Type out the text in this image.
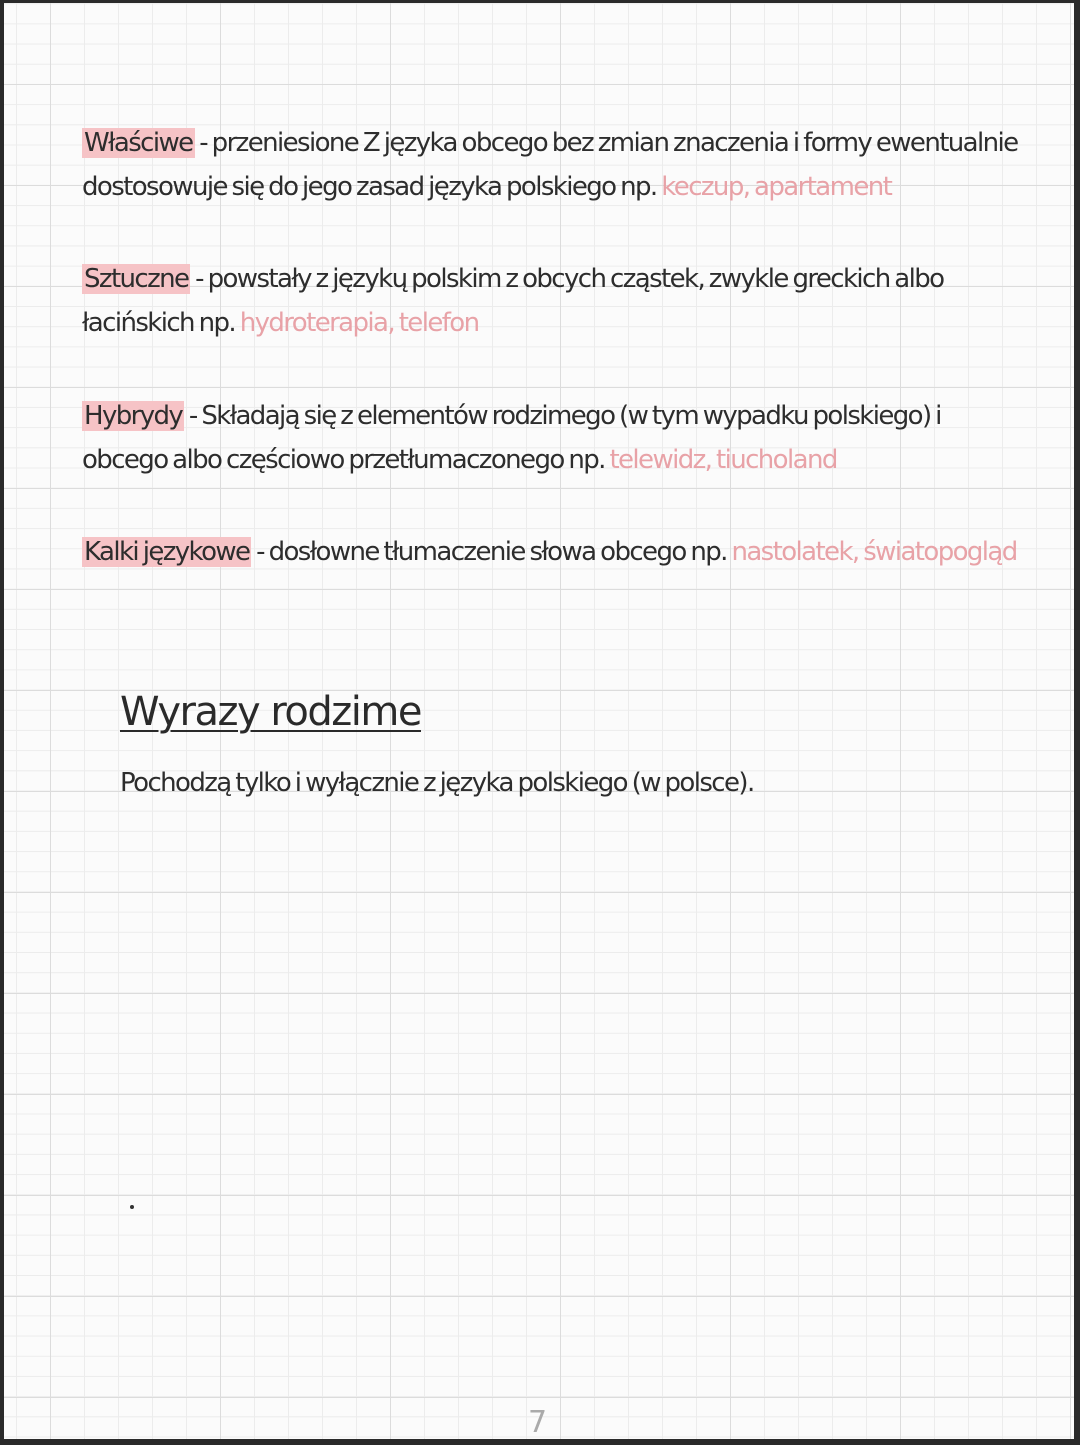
Właściwe - przeniesione Z języka obcego bez zmian znaczenia i formy ewentualnie dostosowuje się do jego zasad języka polskiego np. keczup, apartament
Sztuczne - powstały z językų polskim z obcych cząstek, zwykle greckich albo łacińskich np. hydroterapia, telefon
Hybrydy - Składają się z elementów rodzimego (w tym wypadku polskiego) i obcego albo częściowo przetłumaczonego np. telewidz, tiucholand
Kalki językowe - dosłowne tłumaczenie słowa obcego np. nastolatek, światopogląd
Wyrazy rodzime
Pochodzą tylko i wyłącznie z języka polskiego (w polsce).
7
